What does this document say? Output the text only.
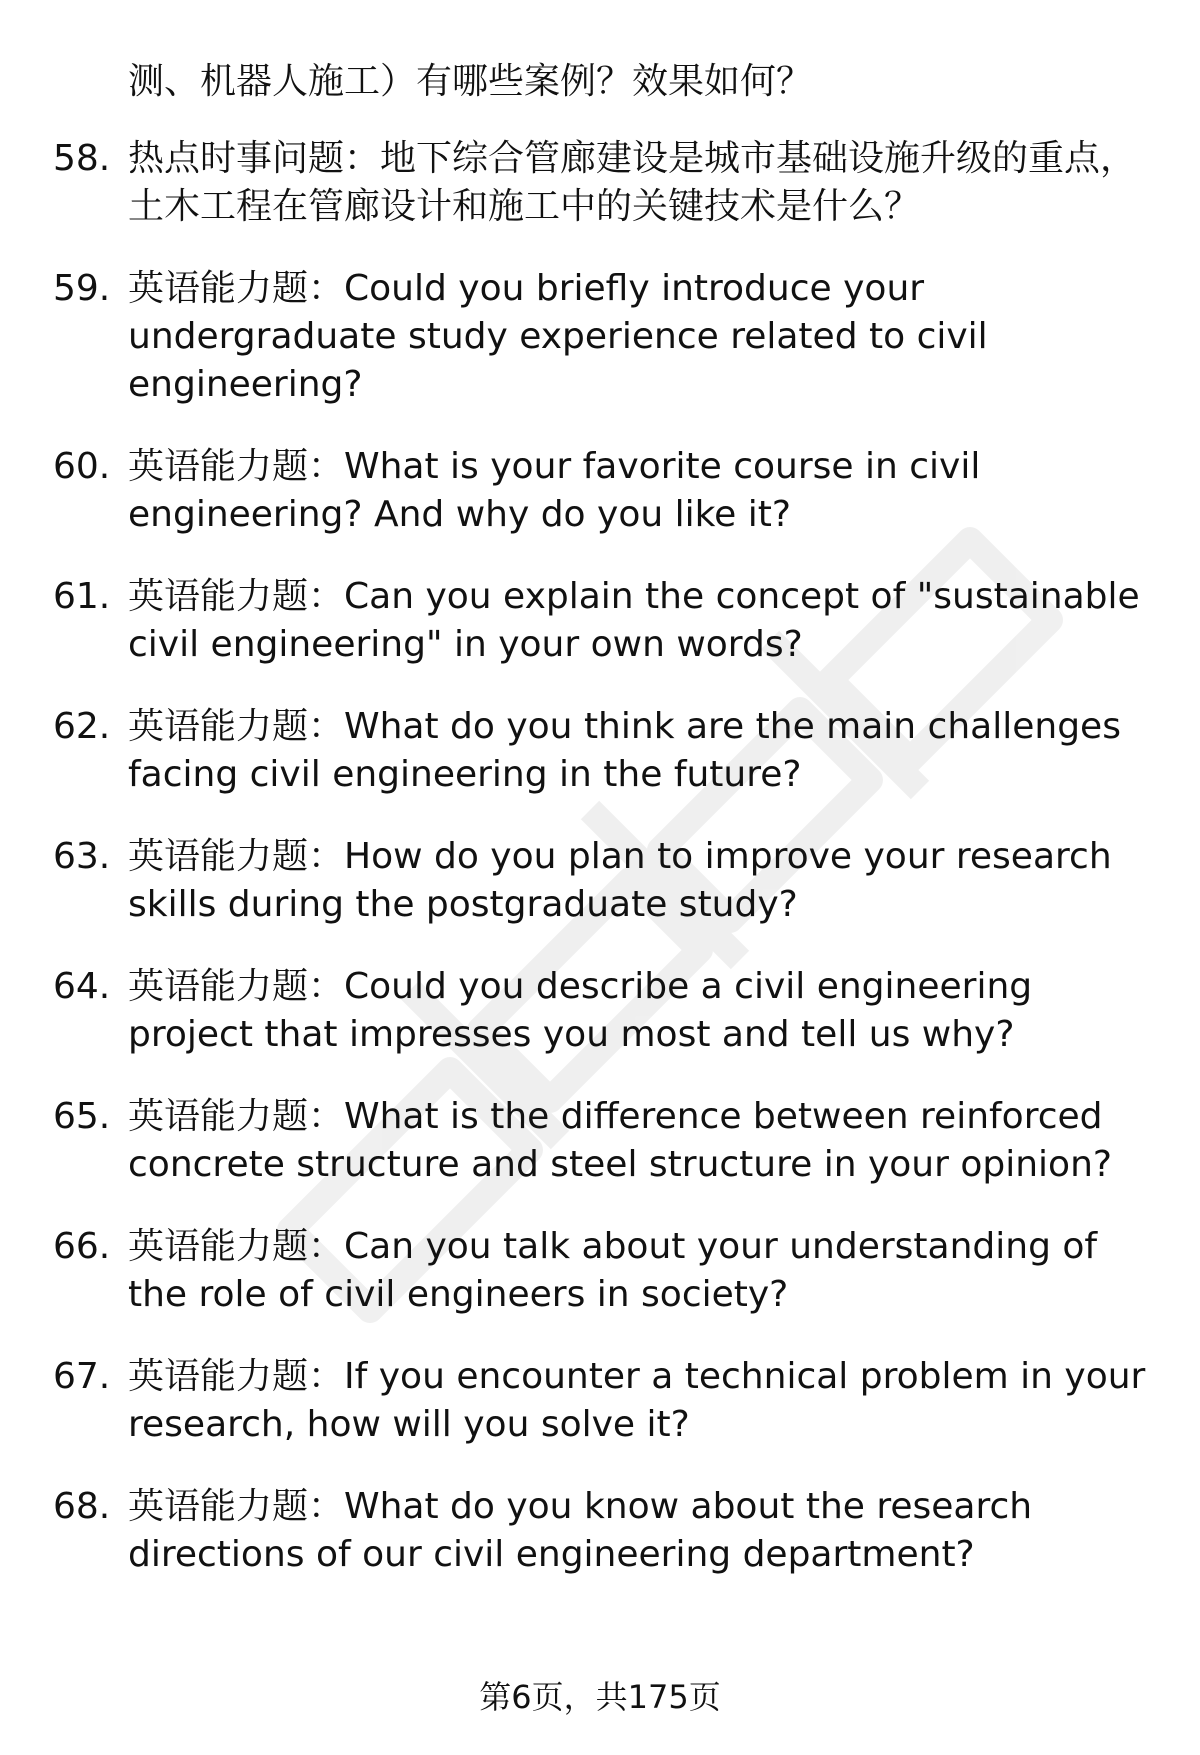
测、机器人施工）有哪些案例？效果如何？
58. 热点时事问题：地下综合管廊建设是城市基础设施升级的重点，土木工程在管廊设计和施工中的关键技术是什么？
59. 英语能力题：Could you briefly introduce your undergraduate study experience related to civil engineering?
60. 英语能力题：What is your favorite course in civil engineering? And why do you like it?
61. 英语能力题：Can you explain the concept of "sustainable civil engineering" in your own words?
62. 英语能力题：What do you think are the main challenges facing civil engineering in the future?
63. 英语能力题：How do you plan to improve your research skills during the postgraduate study?
64. 英语能力题：Could you describe a civil engineering project that impresses you most and tell us why?
65. 英语能力题：What is the difference between reinforced concrete structure and steel structure in your opinion?
66. 英语能力题：Can you talk about your understanding of the role of civil engineers in society?
67. 英语能力题：If you encounter a technical problem in your research, how will you solve it?
68. 英语能力题：What do you know about the research directions of our civil engineering department?
第6页，共175页
